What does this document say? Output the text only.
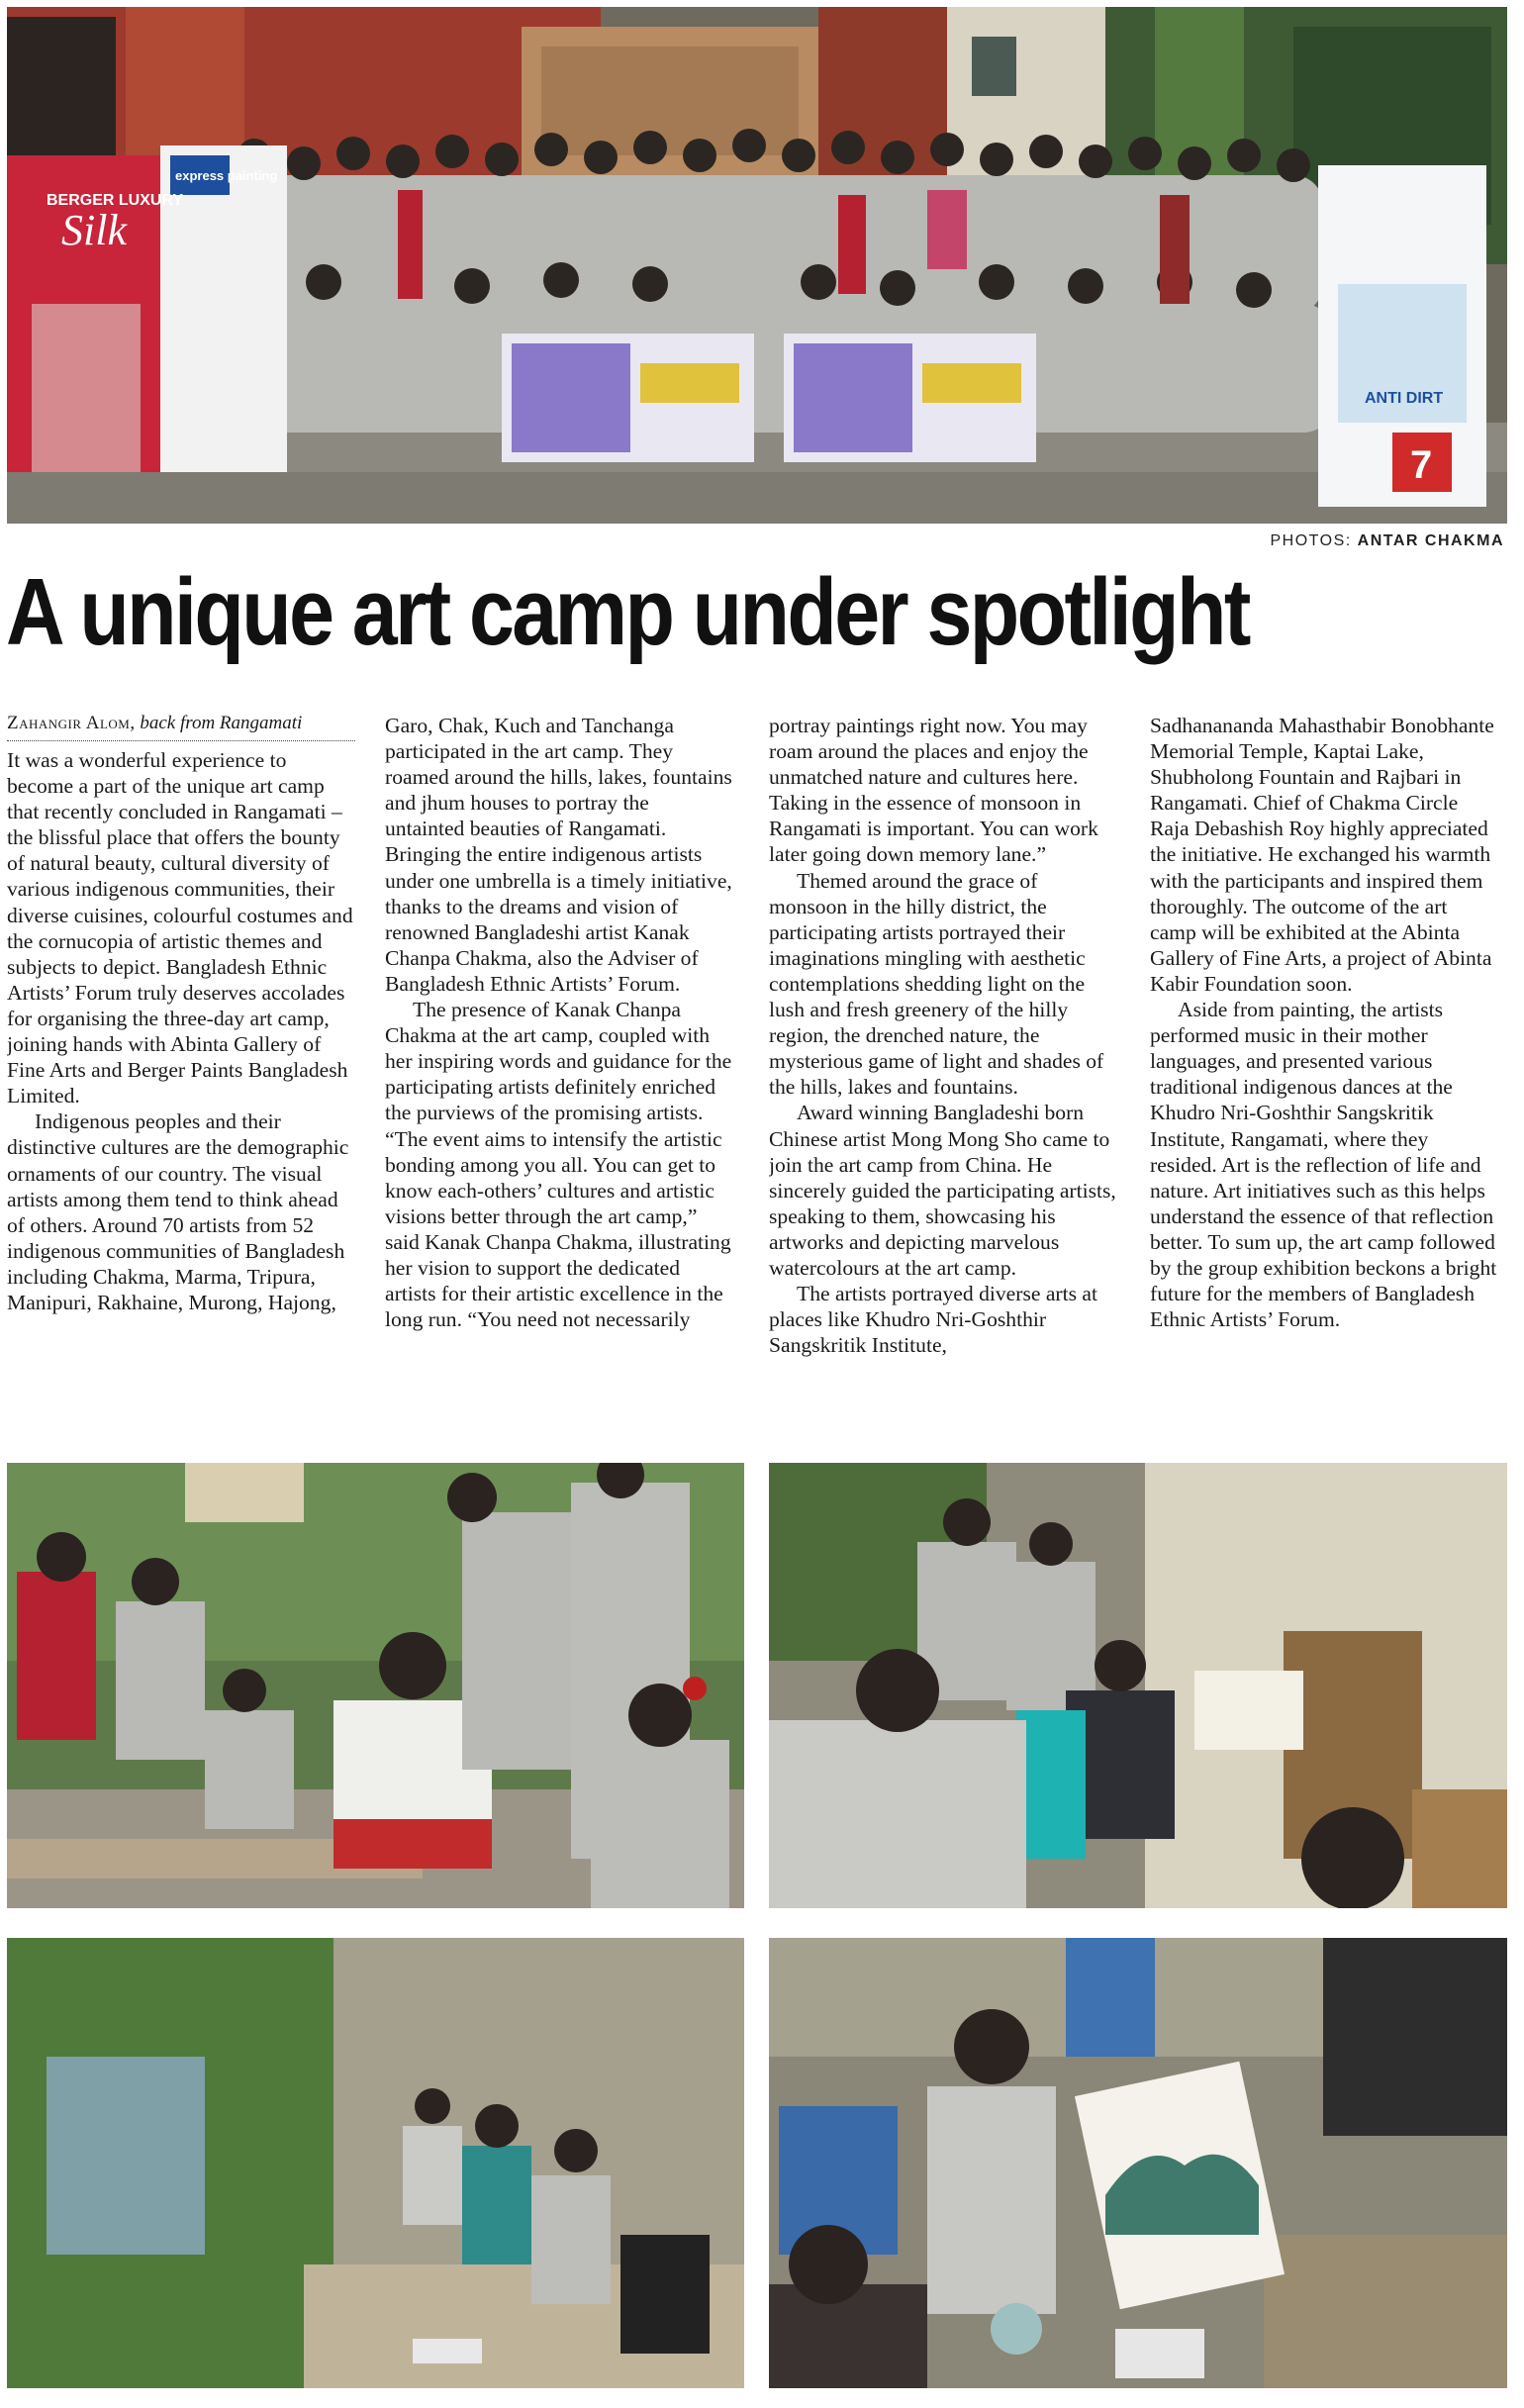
BERGER LUXURY
Silk
express painting
ANTI DIRT
7
PHOTOS: ANTAR CHAKMA
A unique art camp under spotlight
Zahangir Alom, back from Rangamati

It was a wonderful experience to become a part of the unique art camp that recently concluded in Rangamati –the blissful place that offers the bounty of natural beauty, cultural diversity of various indigenous communities, their diverse cuisines, colourful costumes and the cornucopia of artistic themes and subjects to depict. Bangladesh Ethnic Artists’ Forum truly deserves accolades for organising the three-day art camp, joining hands with Abinta Gallery of Fine Arts and Berger Paints Bangladesh Limited.

Indigenous peoples and their distinctive cultures are the demographic ornaments of our country. The visual artists among them tend to think ahead of others. Around 70 artists from 52 indigenous communities of Bangladesh including Chakma, Marma, Tripura, Manipuri, Rakhaine, Murong, Hajong,

Garo, Chak, Kuch and Tanchanga participated in the art camp. They roamed around the hills, lakes, fountains and jhum houses to portray the untainted beauties of Rangamati. Bringing the entire indigenous artists under one umbrella is a timely initiative, thanks to the dreams and vision of renowned Bangladeshi artist Kanak Chanpa Chakma, also the Adviser of Bangladesh Ethnic Artists’ Forum.

The presence of Kanak Chanpa Chakma at the art camp, coupled with her inspiring words and guidance for the participating artists definitely enriched the purviews of the promising artists. “The event aims to intensify the artistic bonding among you all. You can get to know each-others’ cultures and artistic visions better through the art camp,” said Kanak Chanpa Chakma, illustrating her vision to support the dedicated artists for their artistic excellence in the long run. “You need not necessarily

portray paintings right now. You may roam around the places and enjoy the unmatched nature and cultures here. Taking in the essence of monsoon in Rangamati is important. You can work later going down memory lane.”

Themed around the grace of monsoon in the hilly district, the participating artists portrayed their imaginations mingling with aesthetic contemplations shedding light on the lush and fresh greenery of the hilly region, the drenched nature, the mysterious game of light and shades of the hills, lakes and fountains.

Award winning Bangladeshi born Chinese artist Mong Mong Sho came to join the art camp from China. He sincerely guided the participating artists, speaking to them, showcasing his artworks and depicting marvelous watercolours at the art camp.

The artists portrayed diverse arts at places like Khudro Nri-Goshthir Sangskritik Institute,

Sadhanananda Mahasthabir Bonobhante Memorial Temple, Kaptai Lake, Shubholong Fountain and Rajbari in Rangamati. Chief of Chakma Circle Raja Debashish Roy highly appreciated the initiative. He exchanged his warmth with the participants and inspired them thoroughly. The outcome of the art camp will be exhibited at the Abinta Gallery of Fine Arts, a project of Abinta Kabir Foundation soon.

Aside from painting, the artists performed music in their mother languages, and presented various traditional indigenous dances at the Khudro Nri-Goshthir Sangskritik Institute, Rangamati, where they resided. Art is the reflection of life and nature. Art initiatives such as this helps understand the essence of that reflection better. To sum up, the art camp followed by the group exhibition beckons a bright future for the members of Bangladesh Ethnic Artists’ Forum.
